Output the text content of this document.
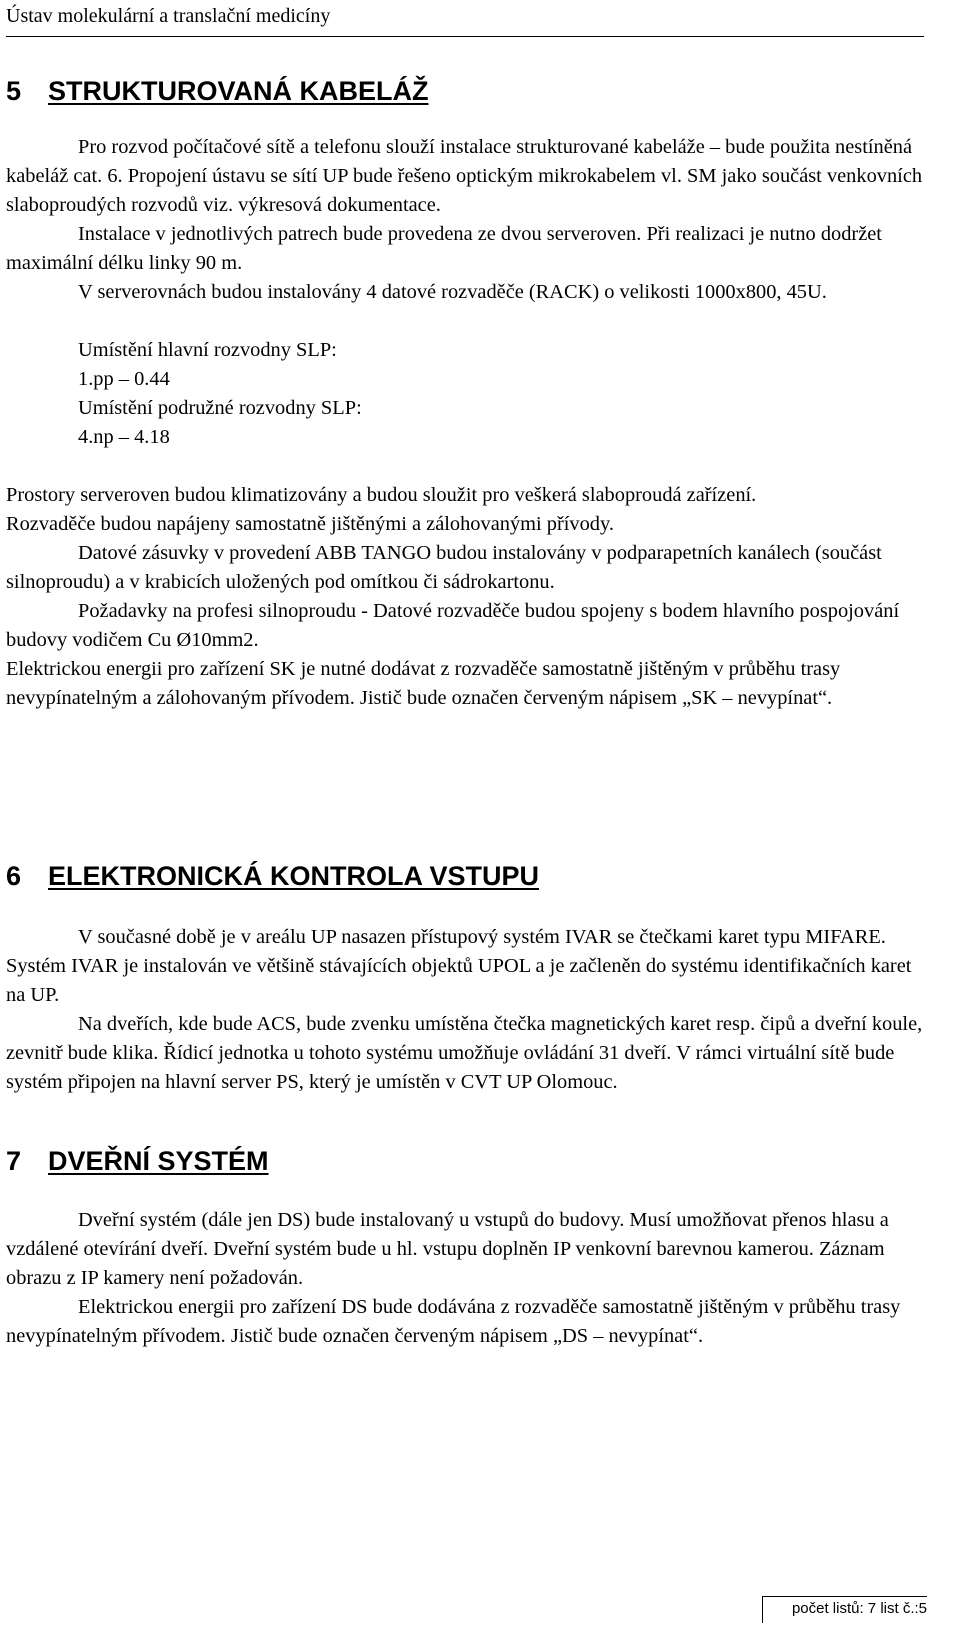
Ústav molekulární a translační medicíny
5 STRUKTUROVANÁ KABELÁŽ

Pro rozvod počítačové sítě a telefonu slouží instalace strukturované kabeláže – bude použita nestíněná kabeláž cat. 6. Propojení ústavu se sítí UP bude řešeno optickým mikrokabelem vl. SM jako součást venkovních slaboproudých rozvodů viz. výkresová dokumentace.

Instalace v jednotlivých patrech bude provedena ze dvou serveroven. Při realizaci je nutno dodržet maximální délku linky 90 m.

V serverovnách budou instalovány 4 datové rozvaděče (RACK) o velikosti 1000x800, 45U.

Umístění hlavní rozvodny SLP:

1.pp – 0.44

Umístění podružné rozvodny SLP:

4.np – 4.18

Prostory serveroven budou klimatizovány a budou sloužit pro veškerá slaboproudá zařízení.

Rozvaděče budou napájeny samostatně jištěnými a zálohovanými přívody.

Datové zásuvky v provedení ABB TANGO budou instalovány v podparapetních kanálech (součást silnoproudu) a v krabicích uložených pod omítkou či sádrokartonu.

Požadavky na profesi silnoproudu - Datové rozvaděče budou spojeny s bodem hlavního pospojování budovy vodičem Cu Ø10mm2.

Elektrickou energii pro zařízení SK je nutné dodávat z rozvaděče samostatně jištěným v průběhu trasy nevypínatelným a zálohovaným přívodem. Jistič bude označen červeným nápisem „SK – nevypínat“.

6 ELEKTRONICKÁ KONTROLA VSTUPU

V současné době je v areálu UP nasazen přístupový systém IVAR se čtečkami karet typu MIFARE. Systém IVAR je instalován ve většině stávajících objektů UPOL a je začleněn do systému identifikačních karet na UP.

Na dveřích, kde bude ACS, bude zvenku umístěna čtečka magnetických karet resp. čipů a dveřní koule, zevnitř bude klika. Řídicí jednotka u tohoto systému umožňuje ovládání 31 dveří. V rámci virtuální sítě bude systém připojen na hlavní server PS, který je umístěn v CVT UP Olomouc.

7 DVEŘNÍ SYSTÉM

Dveřní systém (dále jen DS) bude instalovaný u vstupů do budovy. Musí umožňovat přenos hlasu a vzdálené otevírání dveří. Dveřní systém bude u hl. vstupu doplněn IP venkovní barevnou kamerou. Záznam obrazu z IP kamery není požadován.

Elektrickou energii pro zařízení DS bude dodávána z rozvaděče samostatně jištěným v průběhu trasy nevypínatelným přívodem. Jistič bude označen červeným nápisem „DS – nevypínat“.

počet listů: 7 list č.:5
